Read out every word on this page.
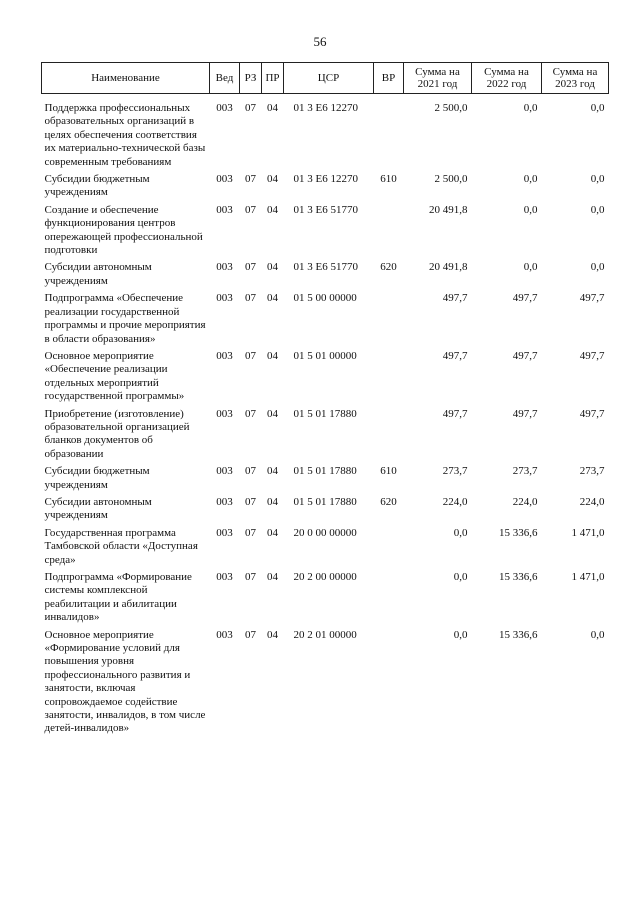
56
Наименование	Вед	РЗ	ПР	ЦСР	ВР	Сумма на 2021 год	Сумма на 2022 год	Сумма на 2023 год
Поддержка профессиональных образовательных организаций в целях обеспечения соответствия их материально-технической базы современным требованиям	003	07	04	01 3 Е6 12270		2 500,0	0,0	0,0
Субсидии бюджетным учреждениям	003	07	04	01 3 Е6 12270	610	2 500,0	0,0	0,0
Создание и обеспечение функционирования центров опережающей профессиональной подготовки	003	07	04	01 3 Е6 51770		20 491,8	0,0	0,0
Субсидии автономным учреждениям	003	07	04	01 3 Е6 51770	620	20 491,8	0,0	0,0
Подпрограмма «Обеспечение реализации государственной программы и прочие мероприятия в области образования»	003	07	04	01 5 00 00000		497,7	497,7	497,7
Основное мероприятие «Обеспечение реализации отдельных мероприятий государственной программы»	003	07	04	01 5 01 00000		497,7	497,7	497,7
Приобретение (изготовление) образовательной организацией бланков документов об образовании	003	07	04	01 5 01 17880		497,7	497,7	497,7
Субсидии бюджетным учреждениям	003	07	04	01 5 01 17880	610	273,7	273,7	273,7
Субсидии автономным учреждениям	003	07	04	01 5 01 17880	620	224,0	224,0	224,0
Государственная программа Тамбовской области «Доступная среда»	003	07	04	20 0 00 00000		0,0	15 336,6	1 471,0
Подпрограмма «Формирование системы комплексной реабилитации и абилитации инвалидов»	003	07	04	20 2 00 00000		0,0	15 336,6	1 471,0
Основное мероприятие «Формирование условий для повышения уровня профессионального развития и занятости, включая сопровождаемое содействие занятости, инвалидов, в том числе детей-инвалидов»	003	07	04	20 2 01 00000		0,0	15 336,6	0,0
